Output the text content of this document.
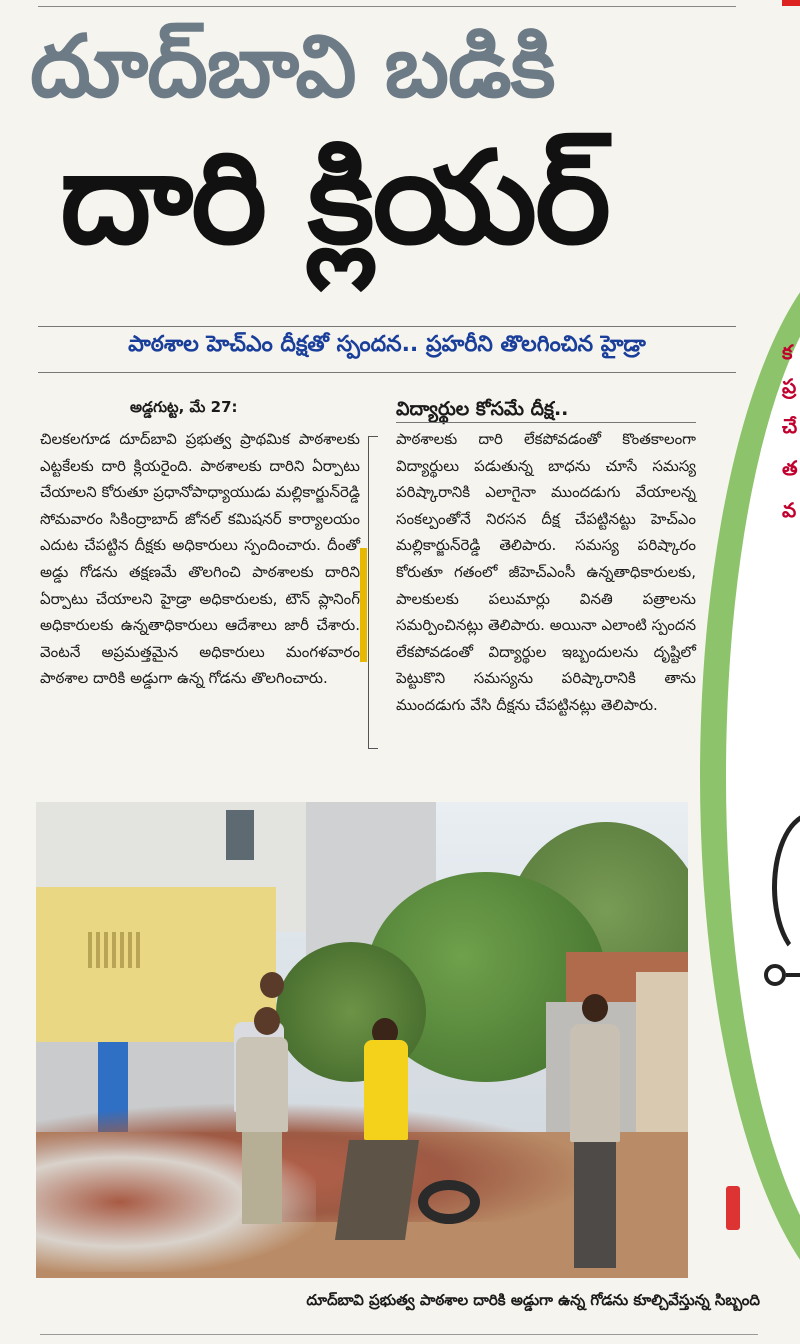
దూద్‌బావి బడికి
దారి క్లియర్
పాఠశాల హెచ్‌ఎం దీక్షతో స్పందన.. ప్రహరీని తొలగించిన హైడ్రా
అడ్డగుట్ట, మే 27:
చిలకలగూడ దూద్‌బావి ప్రభుత్వ ప్రాథమిక పాఠశాలకు ఎట్టకేలకు దారి క్లియరైంది. పాఠశాలకు దారిని ఏర్పాటు చేయాలని కోరుతూ ప్రధానోపాధ్యాయుడు మల్లికార్జున్‌రెడ్డి సోమవారం సికింద్రాబాద్ జోనల్ కమిషనర్ కార్యాలయం ఎదుట చేపట్టిన దీక్షకు అధికారులు స్పందించారు. దీంతో అడ్డు గోడను తక్షణమే తొలగించి పాఠశాలకు దారిని ఏర్పాటు చేయాలని హైడ్రా అధికారులకు, టౌన్ ప్లానింగ్ అధికారులకు ఉన్నతాధికారులు ఆదేశాలు జారీ చేశారు. వెంటనే అప్రమత్తమైన అధికారులు మంగళవారం పాఠశాల దారికి అడ్డుగా ఉన్న గోడను తొలగించారు.
విద్యార్థుల కోసమే దీక్ష..
పాఠశాలకు దారి లేకపోవడంతో కొంతకాలంగా విద్యార్థులు పడుతున్న బాధను చూసే సమస్య పరిష్కారానికి ఎలాగైనా ముందడుగు వేయాలన్న సంకల్పంతోనే నిరసన దీక్ష చేపట్టినట్టు హెచ్‌ఎం మల్లికార్జున్‌రెడ్డి తెలిపారు. సమస్య పరిష్కారం కోరుతూ గతంలో జీహెచ్‌ఎంసీ ఉన్నతాధికారులకు, పాలకులకు పలుమార్లు వినతి పత్రాలను సమర్పించినట్లు తెలిపారు. అయినా ఎలాంటి స్పందన లేకపోవడంతో విద్యార్థుల ఇబ్బందులను దృష్టిలో పెట్టుకొని సమస్యను పరిష్కారానికి తాను ముందడుగు వేసి దీక్షను చేపట్టినట్లు తెలిపారు.
దూద్‌బావి ప్రభుత్వ పాఠశాల దారికి అడ్డుగా ఉన్న గోడను కూల్చివేస్తున్న సిబ్బంది
క
ప్ర
చే
త
వ
